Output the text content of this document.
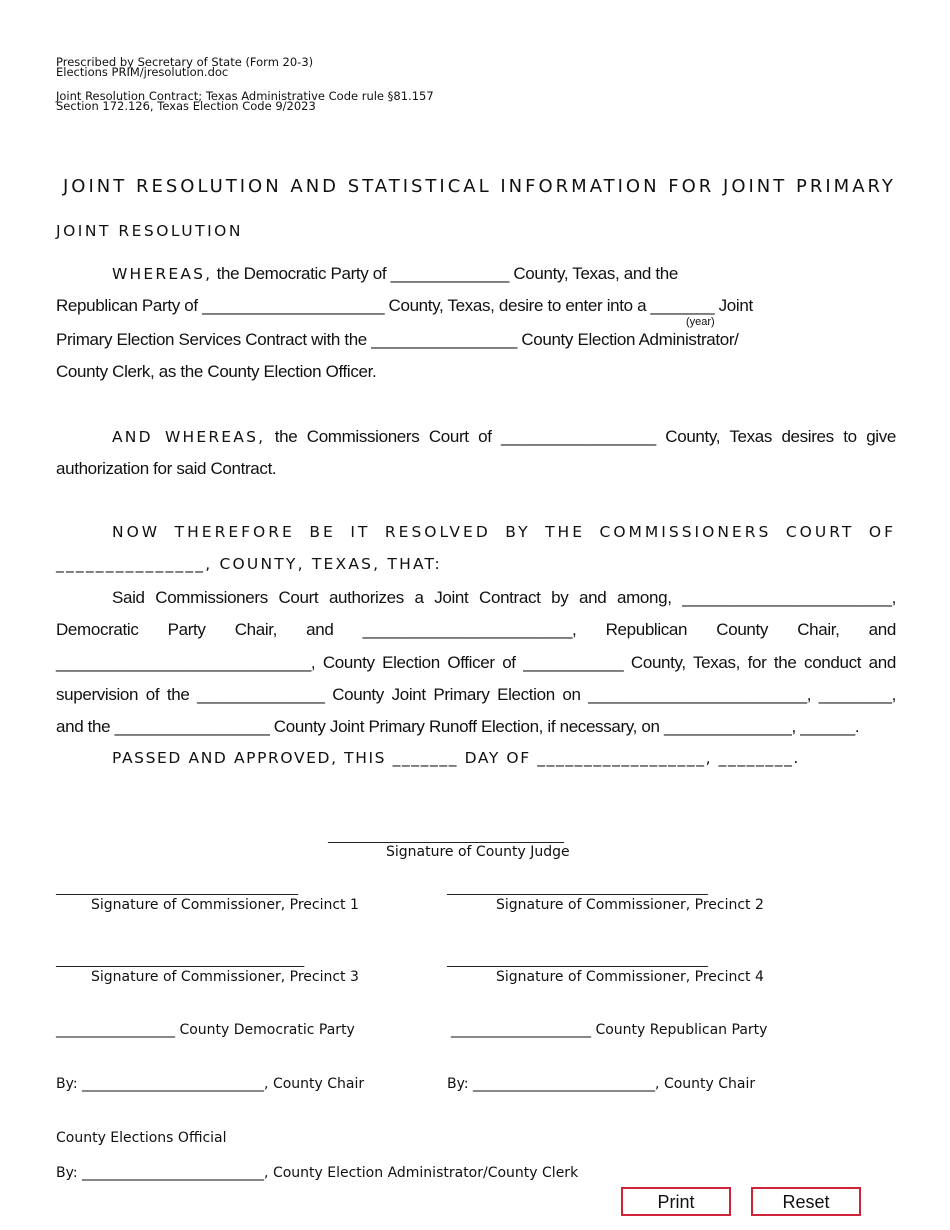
Prescribed by Secretary of State (Form 20-3)
Elections PRIM/jresolution.doc
Joint Resolution Contract; Texas Administrative Code rule §81.157
Section 172.126, Texas Election Code 9/2023
JOINT RESOLUTION AND STATISTICAL INFORMATION FOR JOINT PRIMARY
JOINT RESOLUTION
WHEREAS, the Democratic Party of _____________ County, Texas, and the
Republican Party of ____________________ County, Texas, desire to enter into a _______ Joint
(year)
Primary Election Services Contract with the ________________ County Election Administrator/
County Clerk, as the County Election Officer.
AND WHEREAS, the Commissioners Court of _________________ County, Texas desires to give
authorization for said Contract.
NOW THEREFORE BE IT RESOLVED BY THE COMMISSIONERS COURT OF
_______________, COUNTY, TEXAS, THAT:
Said Commissioners Court authorizes a Joint Contract by and among, _______________________,
Democratic Party Chair, and _______________________, Republican County Chair, and
____________________________, County Election Officer of ___________ County, Texas, for the conduct and
supervision of the ______________ County Joint Primary Election on ________________________, ________,
and the _________________ County Joint Primary Runoff Election, if necessary, on ______________, ______.
PASSED AND APPROVED, THIS _______ DAY OF __________________, ________.
______________________________________
Signature of County Judge
_______________________________________
Signature of Commissioner, Precinct 1
__________________________________________
Signature of Commissioner, Precinct 2
________________________________________
Signature of Commissioner, Precinct 3
__________________________________________
Signature of Commissioner, Precinct 4
_________________ County Democratic Party	____________________ County Republican Party
By: __________________________, County Chair	By: __________________________, County Chair
County Elections Official
By: __________________________, County Election Administrator/County Clerk
Print	Reset
